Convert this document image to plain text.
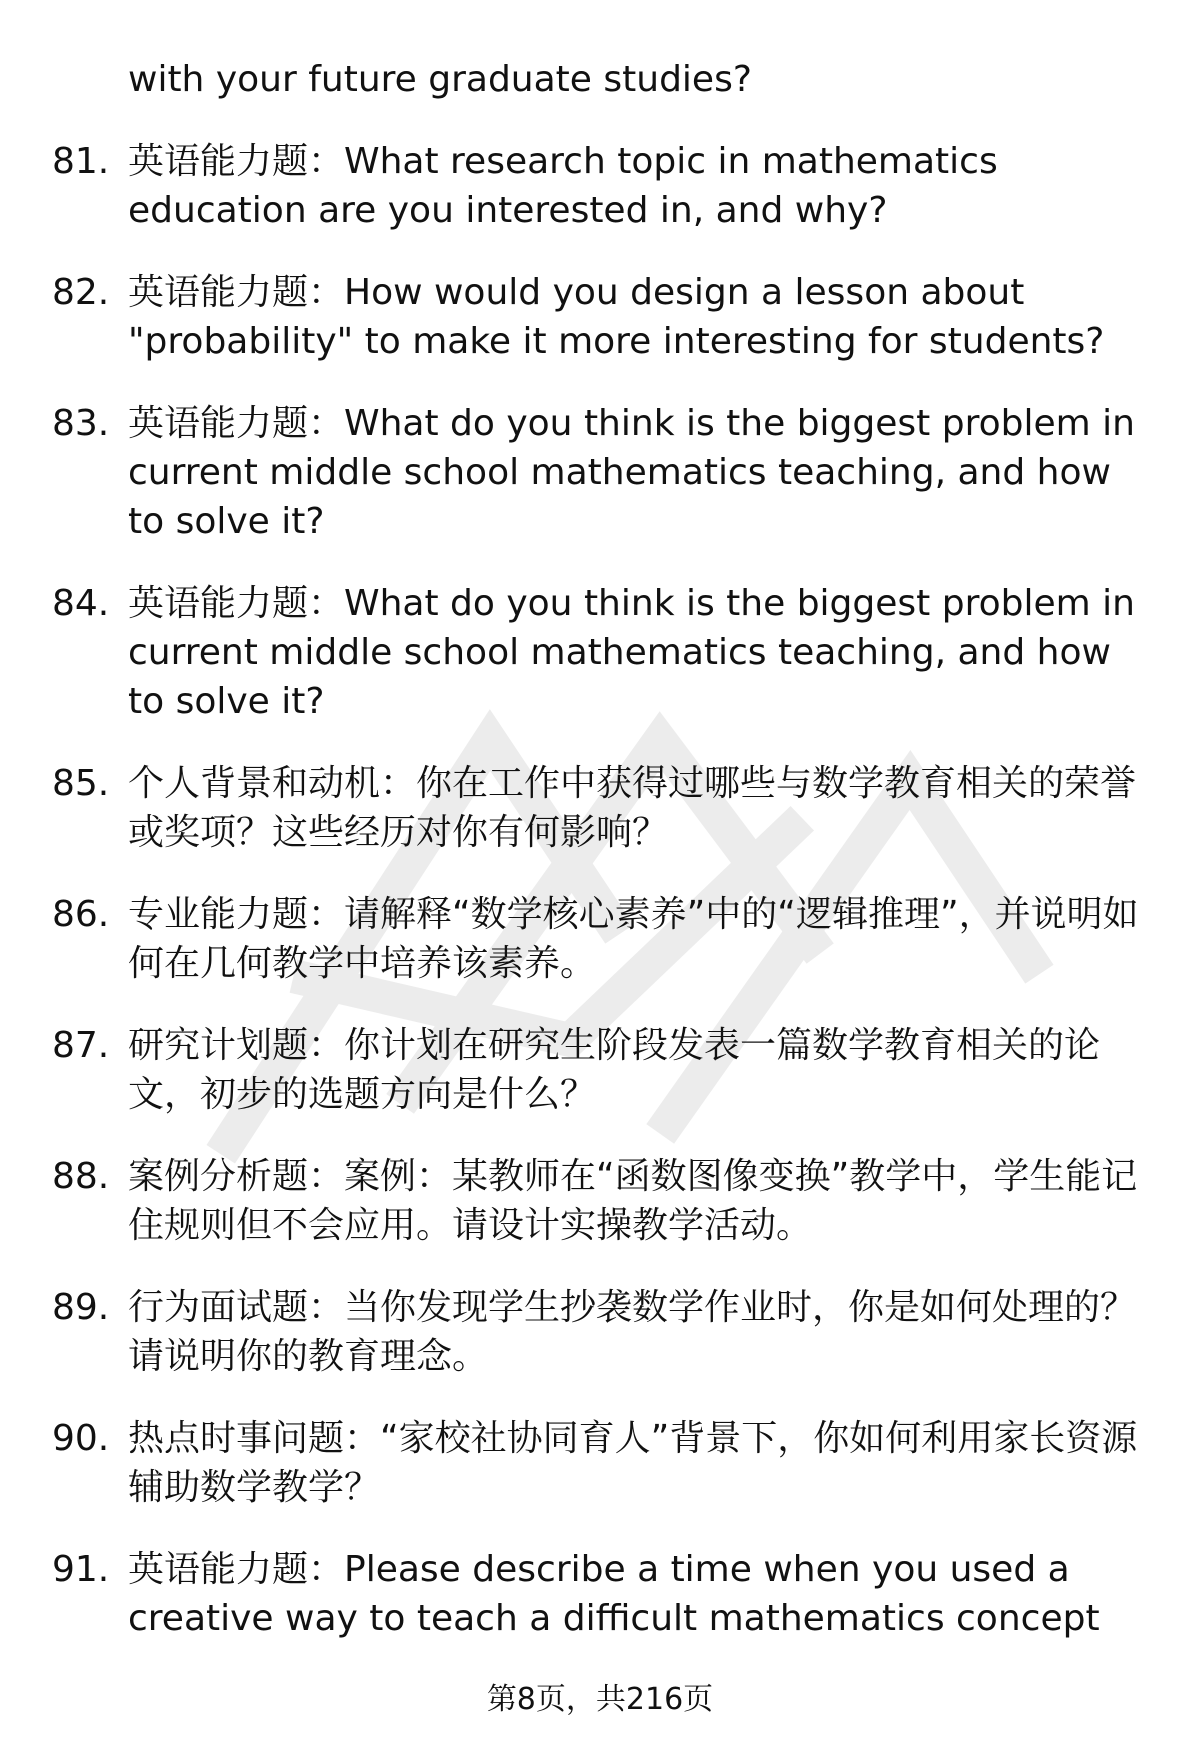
with your future graduate studies?
81. 英语能力题：What research topic in mathematics education are you interested in, and why?
82. 英语能力题：How would you design a lesson about "probability" to make it more interesting for students?
83. 英语能力题：What do you think is the biggest problem in current middle school mathematics teaching, and how to solve it?
84. 英语能力题：What do you think is the biggest problem in current middle school mathematics teaching, and how to solve it?
85. 个人背景和动机：你在工作中获得过哪些与数学教育相关的荣誉或奖项？这些经历对你有何影响？
86. 专业能力题：请解释“数学核心素养”中的“逻辑推理”，并说明如何在几何教学中培养该素养。
87. 研究计划题：你计划在研究生阶段发表一篇数学教育相关的论文，初步的选题方向是什么？
88. 案例分析题：案例：某教师在“函数图像变换”教学中，学生能记住规则但不会应用。请设计实操教学活动。
89. 行为面试题：当你发现学生抄袭数学作业时，你是如何处理的？请说明你的教育理念。
90. 热点时事问题：“家校社协同育人”背景下，你如何利用家长资源辅助数学教学？
91. 英语能力题：Please describe a time when you used a creative way to teach a difficult mathematics concept
第8页，共216页
